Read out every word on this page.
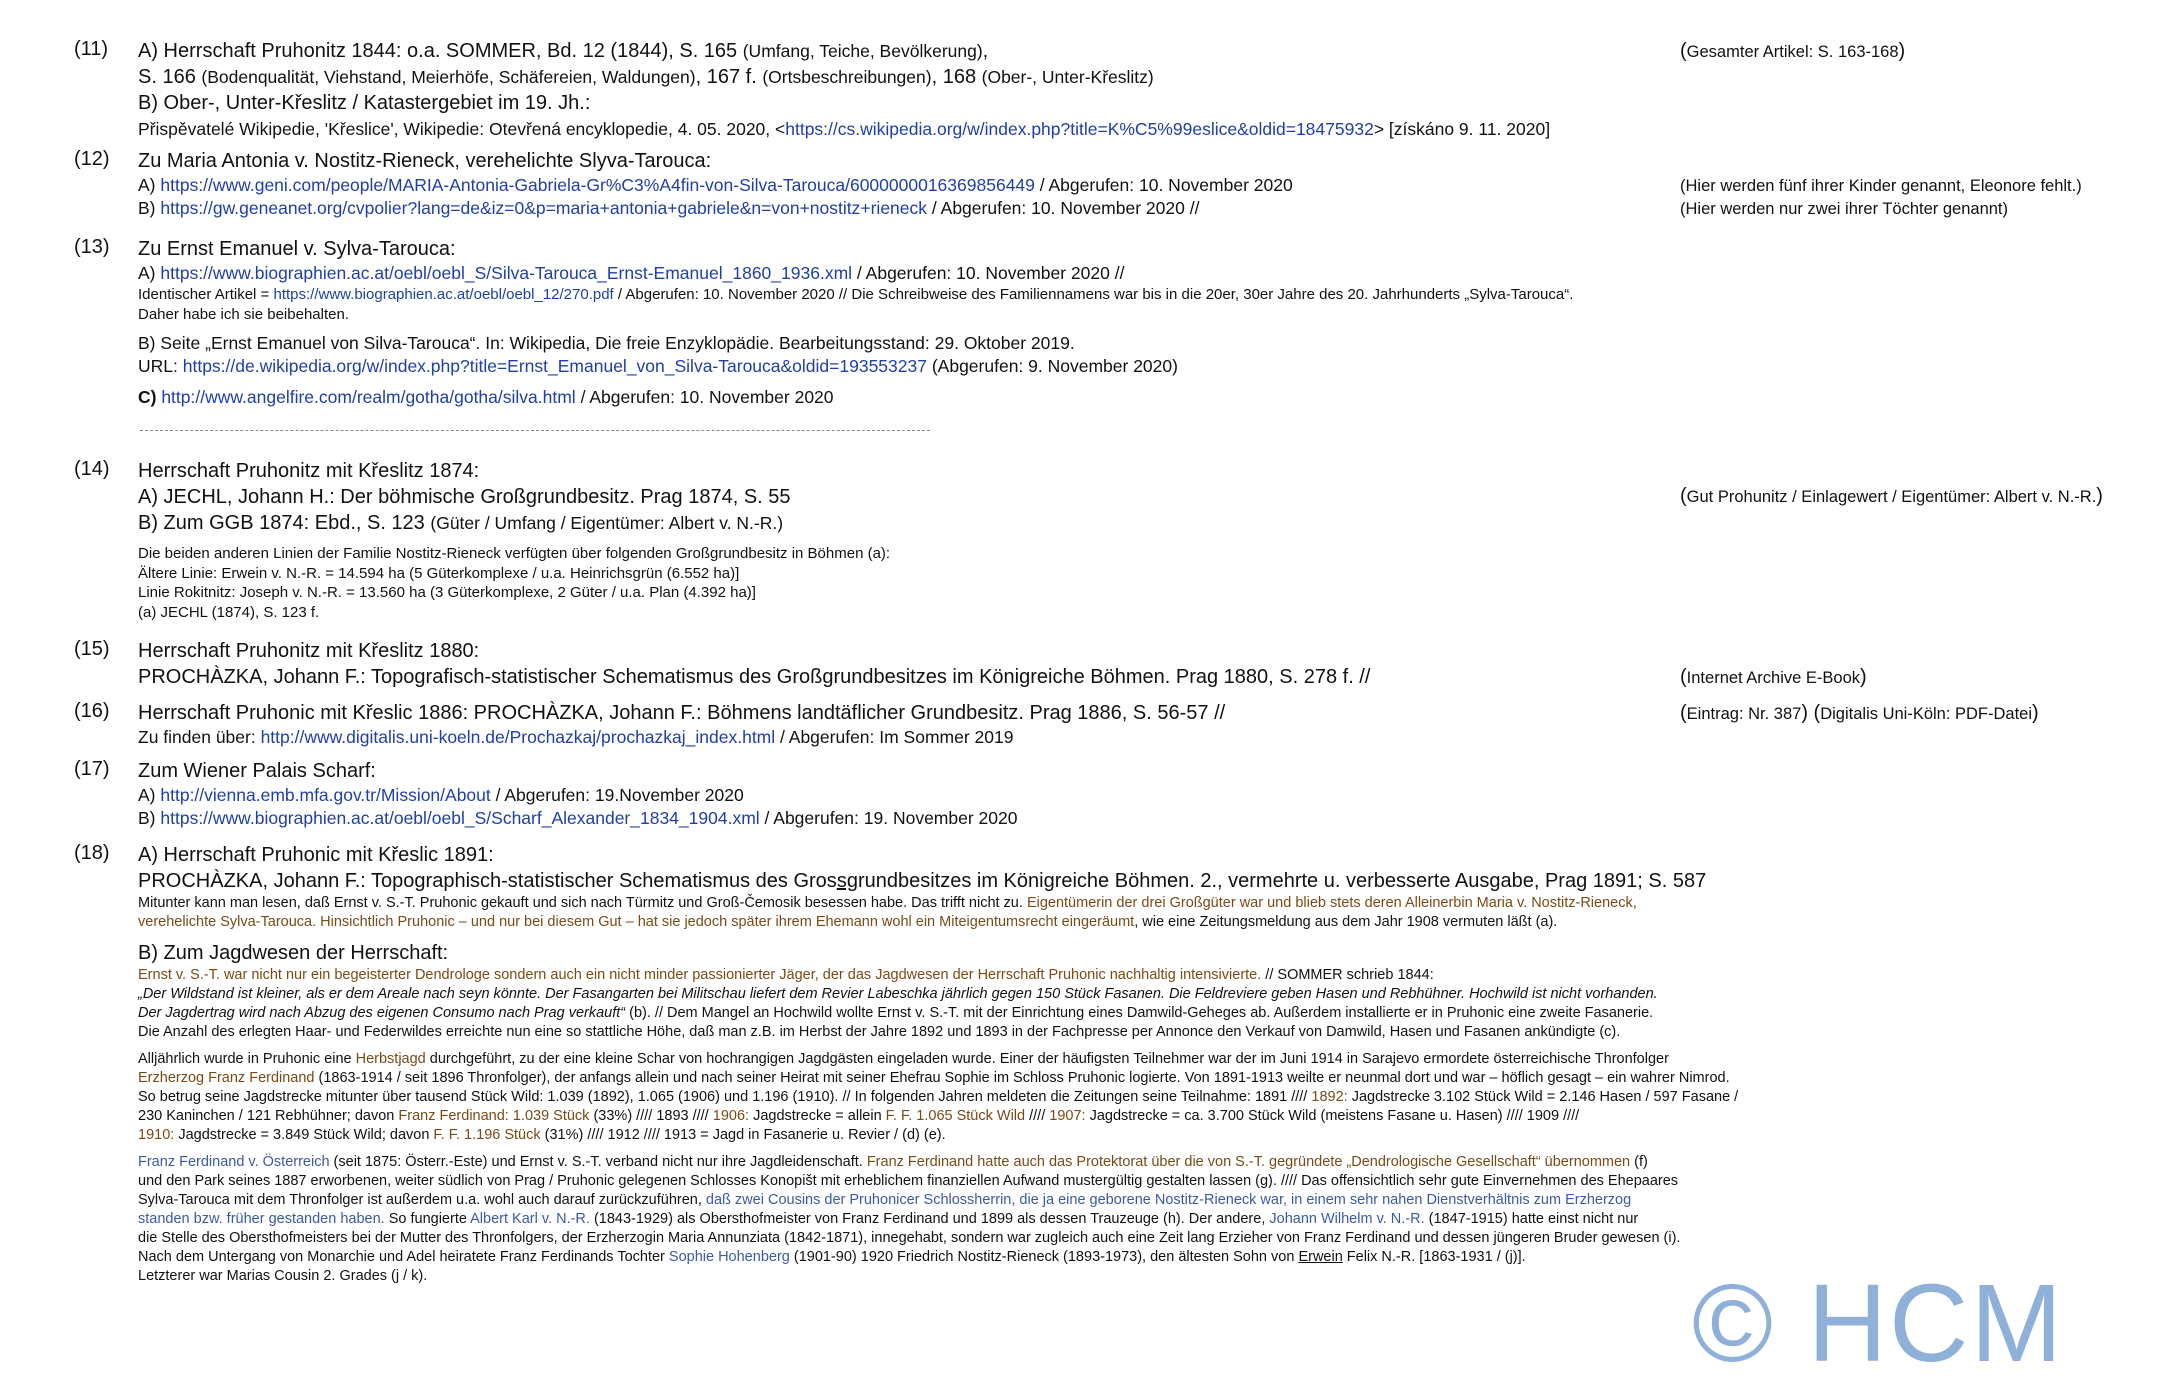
(11) A) Herrschaft Pruhonitz 1844: o.a. SOMMER, Bd. 12 (1844), S. 165 (Umfang, Teiche, Bevölkerung),
S. 166 (Bodenqualität, Viehstand, Meierhöfe, Schäfereien, Waldungen), 167 f. (Ortsbeschreibungen), 168 (Ober-, Unter-Křeslitz)
B) Ober-, Unter-Křeslitz / Katastergebiet im 19. Jh.:
Přispěvatelé Wikipedie, 'Křeslice', Wikipedie: Otevřená encyklopedie, 4. 05. 2020, <https://cs.wikipedia.org/w/index.php?title=K%C5%99eslice&oldid=18475932> [získáno 9. 11. 2020]
(Gesamter Artikel: S. 163-168)
(12) Zu Maria Antonia v. Nostitz-Rieneck, verehelichte Slyva-Tarouca:
A) https://www.geni.com/people/MARIA-Antonia-Gabriela-Gr%C3%A4fin-von-Silva-Tarouca/6000000016369856449 / Abgerufen: 10. November 2020
B) https://gw.geneanet.org/cvpolier?lang=de&iz=0&p=maria+antonia+gabriele&n=von+nostitz+rieneck / Abgerufen: 10. November 2020 //
(Hier werden fünf ihrer Kinder genannt, Eleonore fehlt.)
(Hier werden nur zwei ihrer Töchter genannt)
(13) Zu Ernst Emanuel v. Sylva-Tarouca:
A) https://www.biographien.ac.at/oebl/oebl_S/Silva-Tarouca_Ernst-Emanuel_1860_1936.xml / Abgerufen: 10. November 2020 //
Identischer Artikel = https://www.biographien.ac.at/oebl/oebl_12/270.pdf / Abgerufen: 10. November 2020 // Die Schreibweise des Familiennamens war bis in die 20er, 30er Jahre des 20. Jahrhunderts „Sylva-Tarouca“.
Daher habe ich sie beibehalten.
B) Seite „Ernst Emanuel von Silva-Tarouca“. In: Wikipedia, Die freie Enzyklopädie. Bearbeitungsstand: 29. Oktober 2019.
URL: https://de.wikipedia.org/w/index.php?title=Ernst_Emanuel_von_Silva-Tarouca&oldid=193553237 (Abgerufen: 9. November 2020)
C) http://www.angelfire.com/realm/gotha/gotha/silva.html / Abgerufen: 10. November 2020
(14) Herrschaft Pruhonitz mit Křeslitz 1874:
A) JECHL, Johann H.: Der böhmische Großgrundbesitz. Prag 1874, S. 55
B) Zum GGB 1874: Ebd., S. 123 (Güter / Umfang / Eigentümer: Albert v. N.-R.)
Die beiden anderen Linien der Familie Nostitz-Rieneck verfügten über folgenden Großgrundbesitz in Böhmen (a):
Ältere Linie: Erwein v. N.-R. = 14.594 ha (5 Güterkomplexe / u.a. Heinrichsgrün (6.552 ha)]
Linie Rokitnitz: Joseph v. N.-R. = 13.560 ha (3 Güterkomplexe, 2 Güter / u.a. Plan (4.392 ha)]
(a) JECHL (1874), S. 123 f.
(Gut Prohunitz / Einlagewert / Eigentümer: Albert v. N.-R.)
(15) Herrschaft Pruhonitz mit Křeslitz 1880:
PROCHÀZKA, Johann F.: Topografisch-statistischer Schematismus des Großgrundbesitzes im Königreiche Böhmen. Prag 1880, S. 278 f. //	(Internet Archive E-Book)
(16) Herrschaft Pruhonic mit Křeslic 1886: PROCHÀZKA, Johann F.: Böhmens landtäflicher Grundbesitz. Prag 1886, S. 56-57 //
Zu finden über: http://www.digitalis.uni-koeln.de/Prochazkaj/prochazkaj_index.html / Abgerufen: Im Sommer 2019
(Eintrag: Nr. 387) (Digitalis Uni-Köln: PDF-Datei)
(17) Zum Wiener Palais Scharf:
A) http://vienna.emb.mfa.gov.tr/Mission/About / Abgerufen: 19.November 2020
B) https://www.biographien.ac.at/oebl/oebl_S/Scharf_Alexander_1834_1904.xml / Abgerufen: 19. November 2020
(18) A) Herrschaft Pruhonic mit Křeslic 1891:
PROCHÀZKA, Johann F.: Topographisch-statistischer Schematismus des Grossgrundbesitzes im Königreiche Böhmen. 2., vermehrte u. verbesserte Ausgabe, Prag 1891; S. 587
Mitunter kann man lesen, daß Ernst v. S.-T. Pruhonic gekauft und sich nach Türmitz und Groß-Čemosik besessen habe. Das trifft nicht zu. Eigentümerin der drei Großgüter war und blieb stets deren Alleinerbin Maria v. Nostitz-Rieneck,
verehelichte Sylva-Tarouca. Hinsichtlich Pruhonic – und nur bei diesem Gut – hat sie jedoch später ihrem Ehemann wohl ein Miteigentumsrecht eingeräumt, wie eine Zeitungsmeldung aus dem Jahr 1908 vermuten läßt (a).
B) Zum Jagdwesen der Herrschaft:
Ernst v. S.-T. war nicht nur ein begeisterter Dendrologe sondern auch ein nicht minder passionierter Jäger, der das Jagdwesen der Herrschaft Pruhonic nachhaltig intensivierte. // SOMMER schrieb 1844:
„Der Wildstand ist kleiner, als er dem Areale nach seyn könnte. Der Fasangarten bei Militschau liefert dem Revier Labeschka jährlich gegen 150 Stück Fasanen. Die Feldreviere geben Hasen und Rebhühner. Hochwild ist nicht vorhanden.
Der Jagdertrag wird nach Abzug des eigenen Consumo nach Prag verkauft“ (b). // Dem Mangel an Hochwild wollte Ernst v. S.-T. mit der Einrichtung eines Damwild-Geheges ab. Außerdem installierte er in Pruhonic eine zweite Fasanerie.
Die Anzahl des erlegten Haar- und Federwildes erreichte nun eine so stattliche Höhe, daß man z.B. im Herbst der Jahre 1892 und 1893 in der Fachpresse per Annonce den Verkauf von Damwild, Hasen und Fasanen ankündigte (c).
Alljährlich wurde in Pruhonic eine Herbstjagd durchgeführt, zu der eine kleine Schar von hochrangigen Jagdgästen eingeladen wurde. Einer der häufigsten Teilnehmer war der im Juni 1914 in Sarajevo ermordete österreichische Thronfolger
Erzherzog Franz Ferdinand (1863-1914 / seit 1896 Thronfolger), der anfangs allein und nach seiner Heirat mit seiner Ehefrau Sophie im Schloss Pruhonic logierte. Von 1891-1913 weilte er neunmal dort und war – höflich gesagt – ein wahrer Nimrod.
So betrug seine Jagdstrecke mitunter über tausend Stück Wild: 1.039 (1892), 1.065 (1906) und 1.196 (1910). // In folgenden Jahren meldeten die Zeitungen seine Teilnahme: 1891 //// 1892: Jagdstrecke 3.102 Stück Wild = 2.146 Hasen / 597 Fasane /
230 Kaninchen / 121 Rebhühner; davon Franz Ferdinand: 1.039 Stück (33%) //// 1893 //// 1906: Jagdstrecke = allein F. F. 1.065 Stück Wild //// 1907: Jagdstrecke = ca. 3.700 Stück Wild (meistens Fasane u. Hasen) //// 1909 ////
1910: Jagdstrecke = 3.849 Stück Wild; davon F. F. 1.196 Stück (31%) //// 1912 //// 1913 = Jagd in Fasanerie u. Revier / (d) (e).
Franz Ferdinand v. Österreich (seit 1875: Österr.-Este) und Ernst v. S.-T. verband nicht nur ihre Jagdleidenschaft. Franz Ferdinand hatte auch das Protektorat über die von S.-T. gegründete „Dendrologische Gesellschaft“ übernommen (f)
und den Park seines 1887 erworbenen, weiter südlich von Prag / Pruhonic gelegenen Schlosses Konopišt mit erheblichem finanziellen Aufwand mustergültig gestalten lassen (g). //// Das offensichtlich sehr gute Einvernehmen des Ehepaares
Sylva-Tarouca mit dem Thronfolger ist außerdem u.a. wohl auch darauf zurückzuführen, daß zwei Cousins der Pruhonicer Schlossherrin, die ja eine geborene Nostitz-Rieneck war, in einem sehr nahen Dienstverhältnis zum Erzherzog
standen bzw. früher gestanden haben. So fungierte Albert Karl v. N.-R. (1843-1929) als Obersthofmeister von Franz Ferdinand und 1899 als dessen Trauzeuge (h). Der andere, Johann Wilhelm v. N.-R. (1847-1915) hatte einst nicht nur
die Stelle des Obersthofmeisters bei der Mutter des Thronfolgers, der Erzherzogin Maria Annunziata (1842-1871), innegehabt, sondern war zugleich auch eine Zeit lang Erzieher von Franz Ferdinand und dessen jüngeren Bruder gewesen (i).
Nach dem Untergang von Monarchie und Adel heiratete Franz Ferdinands Tochter Sophie Hohenberg (1901-90) 1920 Friedrich Nostitz-Rieneck (1893-1973), den ältesten Sohn von Erwein Felix N.-R. [1863-1931 / (j)].
Letzterer war Marias Cousin 2. Grades (j / k).	© HCM
